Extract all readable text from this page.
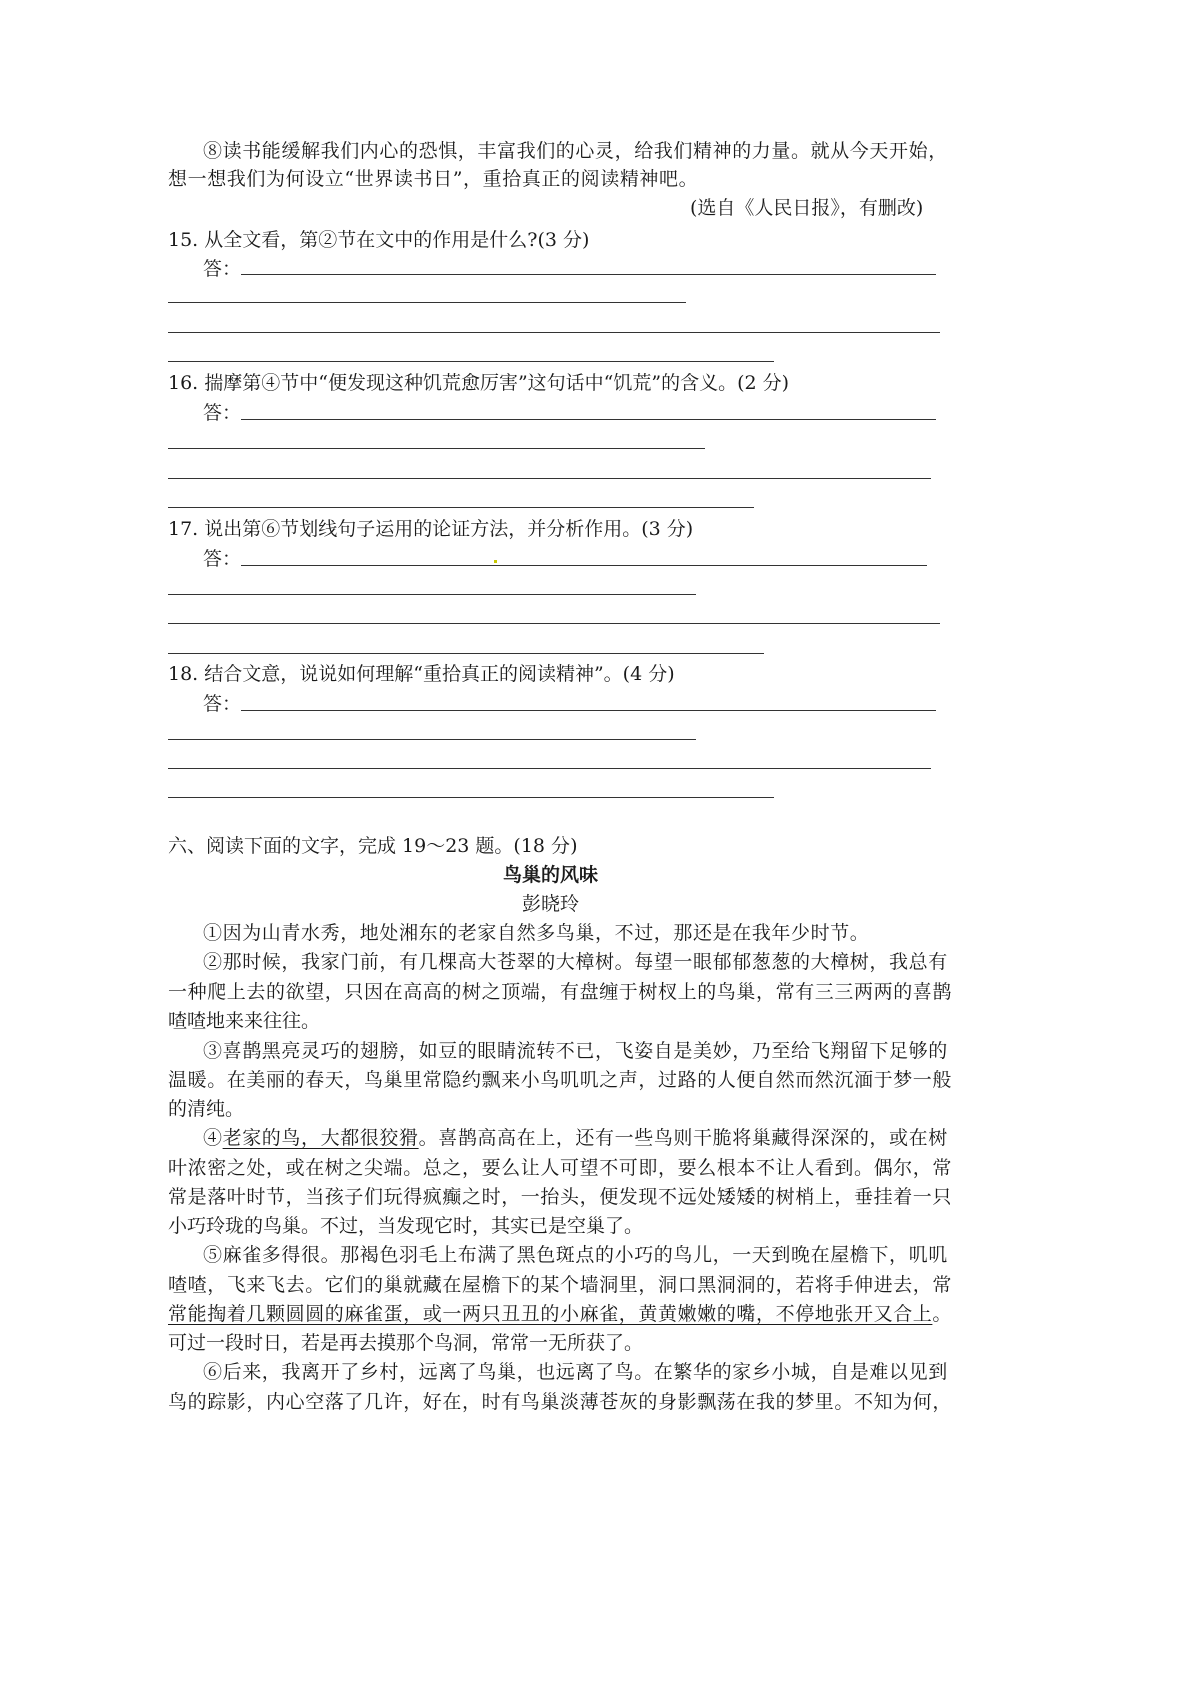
⑧读书能缓解我们内心的恐惧，丰富我们的心灵，给我们精神的力量。就从今天开始，
想一想我们为何设立“世界读书日”，重拾真正的阅读精神吧。
(选自《人民日报》，有删改)
15. 从全文看，第②节在文中的作用是什么?(3 分)
答：
16. 揣摩第④节中“便发现这种饥荒愈厉害”这句话中“饥荒”的含义。(2 分)
答：
17. 说出第⑥节划线句子运用的论证方法，并分析作用。(3 分)
答：
18. 结合文意，说说如何理解“重拾真正的阅读精神”。(4 分)
答：
六、阅读下面的文字，完成 19～23 题。(18 分)
鸟巢的风味
彭晓玲
①因为山青水秀，地处湘东的老家自然多鸟巢，不过，那还是在我年少时节。
②那时候，我家门前，有几棵高大苍翠的大樟树。每望一眼郁郁葱葱的大樟树，我总有
一种爬上去的欲望，只因在高高的树之顶端，有盘缠于树杈上的鸟巢，常有三三两两的喜鹊
喳喳地来来往往。
③喜鹊黑亮灵巧的翅膀，如豆的眼睛流转不已，飞姿自是美妙，乃至给飞翔留下足够的
温暖。在美丽的春天，鸟巢里常隐约飘来小鸟叽叽之声，过路的人便自然而然沉湎于梦一般
的清纯。
④老家的鸟，大都很狡猾。喜鹊高高在上，还有一些鸟则干脆将巢藏得深深的，或在树
叶浓密之处，或在树之尖端。总之，要么让人可望不可即，要么根本不让人看到。偶尔，常
常是落叶时节，当孩子们玩得疯癫之时，一抬头，便发现不远处矮矮的树梢上，垂挂着一只
小巧玲珑的鸟巢。不过，当发现它时，其实已是空巢了。
⑤麻雀多得很。那褐色羽毛上布满了黑色斑点的小巧的鸟儿，一天到晚在屋檐下，叽叽
喳喳，飞来飞去。它们的巢就藏在屋檐下的某个墙洞里，洞口黑洞洞的，若将手伸进去，常
常能掏着几颗圆圆的麻雀蛋，或一两只丑丑的小麻雀，黄黄嫩嫩的嘴，不停地张开又合上。
可过一段时日，若是再去摸那个鸟洞，常常一无所获了。
⑥后来，我离开了乡村，远离了鸟巢，也远离了鸟。在繁华的家乡小城，自是难以见到
鸟的踪影，内心空落了几许，好在，时有鸟巢淡薄苍灰的身影飘荡在我的梦里。不知为何，
